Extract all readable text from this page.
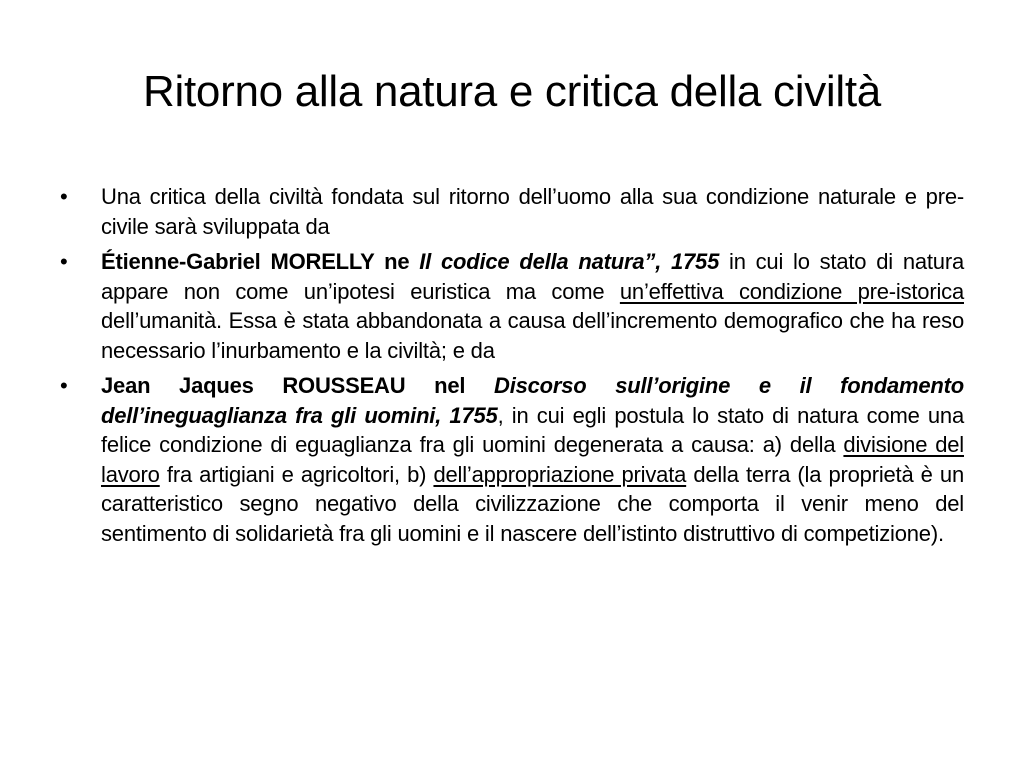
Ritorno alla natura e critica della civiltà
•	Una critica della civiltà fondata sul ritorno dell’uomo alla sua condizione naturale e pre-civile sarà sviluppata da
•	Étienne-Gabriel MORELLY ne Il codice della natura”, 1755 in cui lo stato di natura appare non come un’ipotesi euristica ma come un’effettiva condizione pre-istorica dell’umanità. Essa è stata abbandonata a causa dell’incremento demografico che ha reso necessario l’inurbamento e la civiltà; e da
•	Jean Jaques ROUSSEAU nel Discorso sull’origine e il fondamento dell’ineguaglianza fra gli uomini, 1755, in cui egli postula lo stato di natura come una felice condizione di eguaglianza fra gli uomini degenerata a causa: a) della divisione del lavoro fra artigiani e agricoltori, b) dell’appropriazione privata della terra (la proprietà è un caratteristico segno negativo della civilizzazione che comporta il venir meno del sentimento di solidarietà fra gli uomini e il nascere dell’istinto distruttivo di competizione).
